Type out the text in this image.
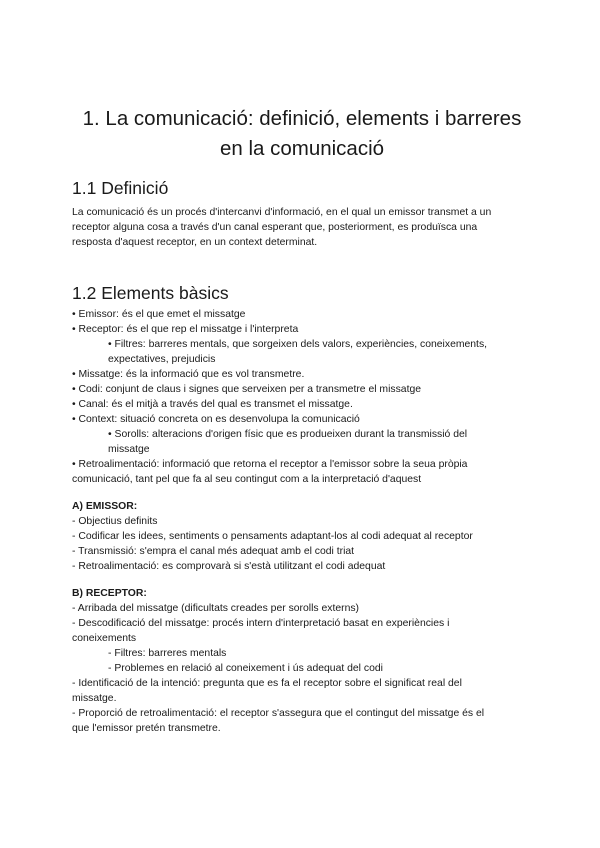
1. La comunicació: definició, elements i barreres
en la comunicació
1.1 Definició
La comunicació és un procés d'intercanvi d'informació, en el qual un emissor transmet a un
receptor alguna cosa a través d'un canal esperant que, posteriorment, es produïsca una
resposta d'aquest receptor, en un context determinat.
1.2 Elements bàsics
• Emissor: és el que emet el missatge
• Receptor: és el que rep el missatge i l'interpreta
• Filtres: barreres mentals, que sorgeixen dels valors, experiències, coneixements,
expectatives, prejudicis
• Missatge: és la informació que es vol transmetre.
• Codi: conjunt de claus i signes que serveixen per a transmetre el missatge
• Canal: és el mitjà a través del qual es transmet el missatge.
• Context: situació concreta on es desenvolupa la comunicació
• Sorolls: alteracions d'origen físic que es produeixen durant la transmissió del
missatge
• Retroalimentació: informació que retorna el receptor a l'emissor sobre la seua pròpia
comunicació, tant pel que fa al seu contingut com a la interpretació d'aquest
A) EMISSOR:
- Objectius definits
- Codificar les idees, sentiments o pensaments adaptant-los al codi adequat al receptor
- Transmissió: s'empra el canal més adequat amb el codi triat
- Retroalimentació: es comprovarà si s'està utilitzant el codi adequat
B) RECEPTOR:
- Arribada del missatge (dificultats creades per sorolls externs)
- Descodificació del missatge: procés intern d'interpretació basat en experiències i
coneixements
- Filtres: barreres mentals
- Problemes en relació al coneixement i ús adequat del codi
- Identificació de la intenció: pregunta que es fa el receptor sobre el significat real del
missatge.
- Proporció de retroalimentació: el receptor s'assegura que el contingut del missatge és el
que l'emissor pretén transmetre.
